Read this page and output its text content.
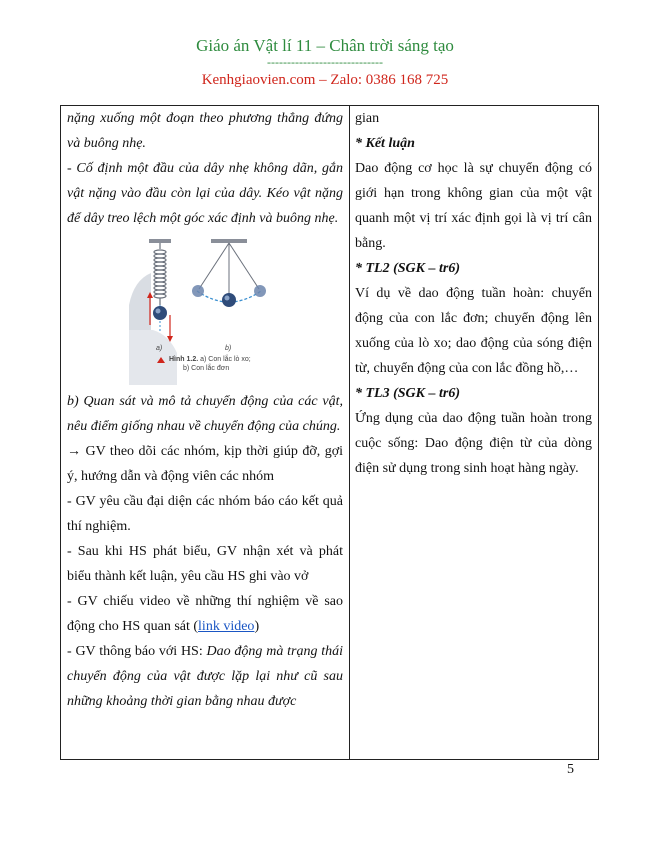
Giáo án Vật lí 11 – Chân trời sáng tạo
-----------------------------
Kenhgiaovien.com – Zalo: 0386 168 725

nặng xuống một đoạn theo phương thẳng đứng và buông nhẹ.

- Cố định một đầu của dây nhẹ không dãn, gắn vật nặng vào đầu còn lại của dây. Kéo vật nặng để dây treo lệch một góc xác định và buông nhẹ.

a)	b)
Hình 1.2. a) Con lắc lò xo;
b) Con lắc đơn

b) Quan sát và mô tả chuyển động của các vật, nêu điểm giống nhau về chuyển động của chúng.

→ GV theo dõi các nhóm, kịp thời giúp đỡ, gợi ý, hướng dẫn và động viên các nhóm

- GV yêu cầu đại diện các nhóm báo cáo kết quả thí nghiệm.

- Sau khi HS phát biểu, GV nhận xét và phát biểu thành kết luận, yêu cầu HS ghi vào vở

- GV chiếu video về những thí nghiệm về sao động cho HS quan sát (link video)

- GV thông báo với HS: Dao động mà trạng thái chuyển động của vật được lặp lại như cũ sau những khoảng thời gian bằng nhau được

gian

* Kết luận

Dao động cơ học là sự chuyển động có giới hạn trong không gian của một vật quanh một vị trí xác định gọi là vị trí cân bằng.

* TL2 (SGK – tr6)

Ví dụ về dao động tuần hoàn: chuyển động của con lắc đơn; chuyển động lên xuống của lò xo; dao động của sóng điện từ, chuyển động của con lắc đồng hồ,…

* TL3 (SGK – tr6)

Ứng dụng của dao động tuần hoàn trong cuộc sống: Dao động điện từ của dòng điện sử dụng trong sinh hoạt hàng ngày.

5
